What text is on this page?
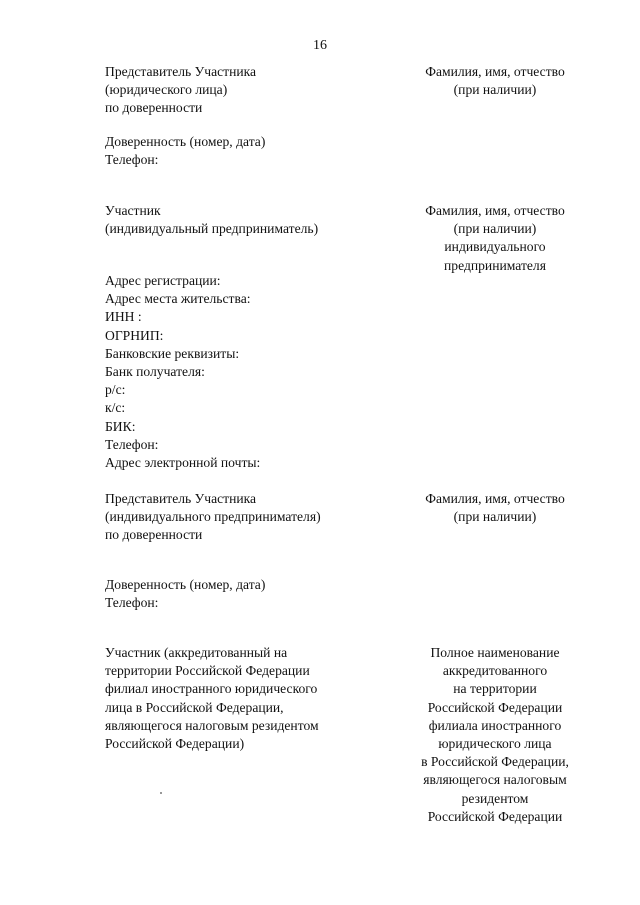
16
Представитель Участника
(юридического лица)
по доверенности
Фамилия, имя, отчество
(при наличии)
Доверенность (номер, дата)
Телефон:
Участник
(индивидуальный предприниматель)
Фамилия, имя, отчество
(при наличии)
индивидуального
предпринимателя
Адрес регистрации:
Адрес места жительства:
ИНН :
ОГРНИП:
Банковские реквизиты:
Банк получателя:
р/с:
к/с:
БИК:
Телефон:
Адрес электронной почты:
Представитель Участника
(индивидуального предпринимателя)
по доверенности
Фамилия, имя, отчество
(при наличии)
Доверенность (номер, дата)
Телефон:
Участник (аккредитованный на
территории Российской Федерации
филиал иностранного юридического
лица в Российской Федерации,
являющегося налоговым резидентом
Российской Федерации)
Полное наименование
аккредитованного
на территории
Российской Федерации
филиала иностранного
юридического лица
в Российской Федерации,
являющегося налоговым
резидентом
Российской Федерации
